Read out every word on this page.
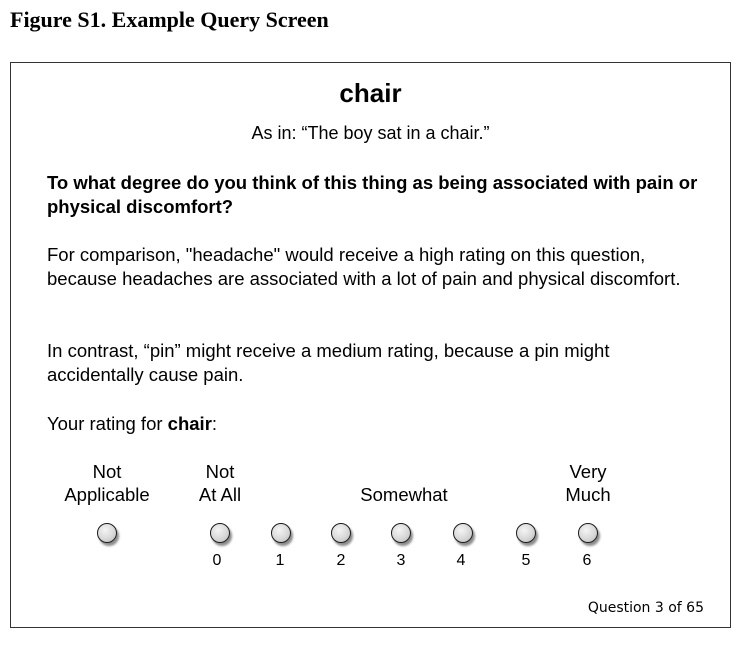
Figure S1. Example Query Screen
chair
As in: “The boy sat in a chair.”
To what degree do you think of this thing as being associated with pain or physical discomfort?
For comparison, "headache" would receive a high rating on this question, because headaches are associated with a lot of pain and physical discomfort.
In contrast, “pin” might receive a medium rating, because a pin might accidentally cause pain.
Your rating for chair:
Not
Applicable
Not
At All	Somewhat
Very
Much
0	1	2	3	4	5	6
Question 3 of 65
